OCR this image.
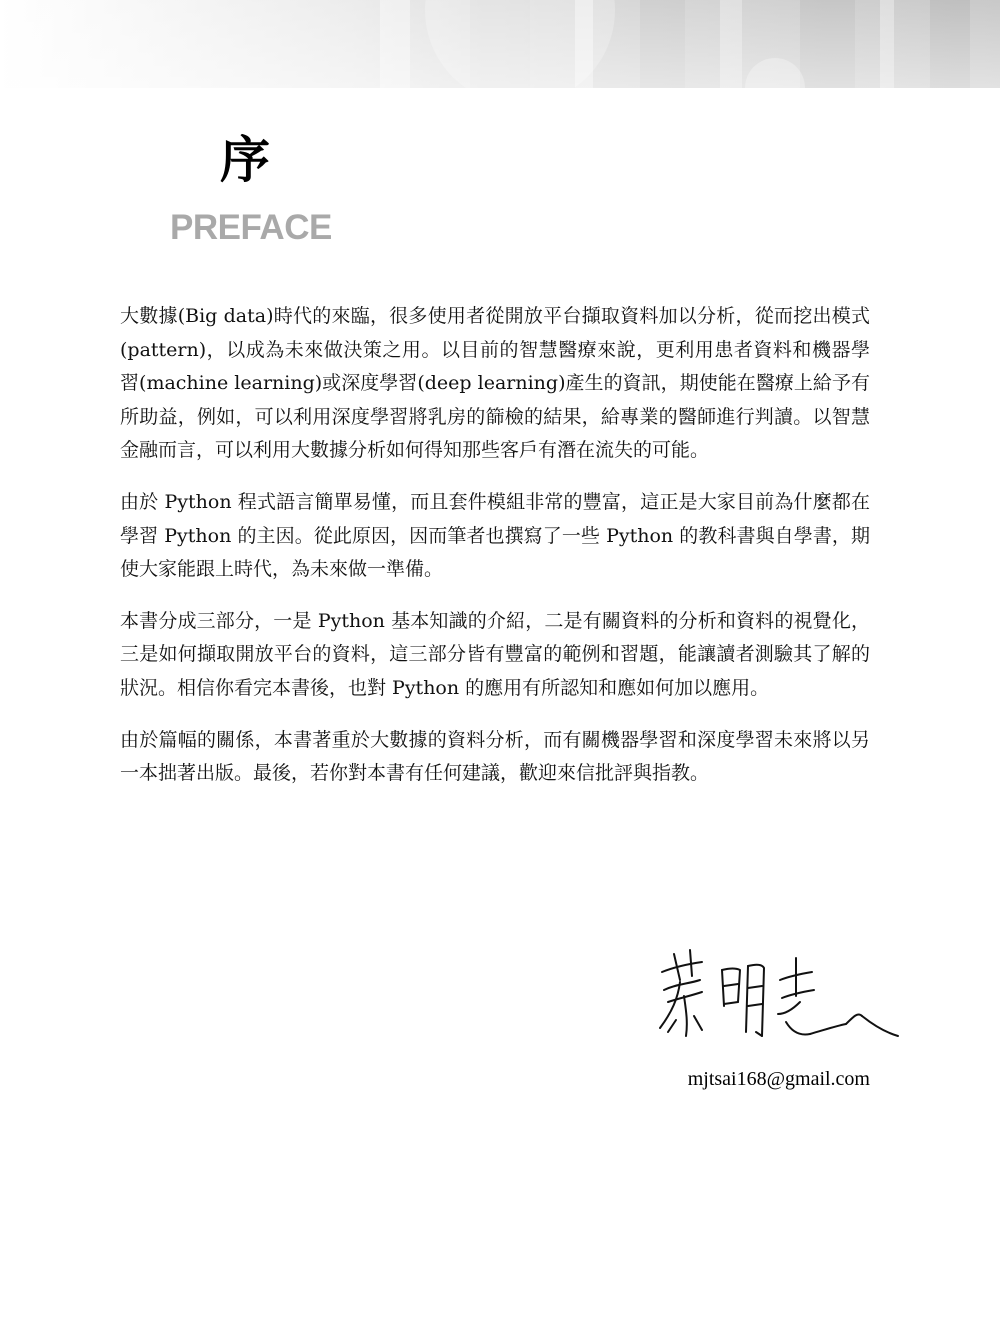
序
PREFACE

大數據(Big data)時代的來臨，很多使用者從開放平台擷取資料加以分析，從而挖出模式(pattern)，以成為未來做決策之用。以目前的智慧醫療來說，更利用患者資料和機器學習(machine learning)或深度學習(deep learning)產生的資訊，期使能在醫療上給予有所助益，例如，可以利用深度學習將乳房的篩檢的結果，給專業的醫師進行判讀。以智慧金融而言，可以利用大數據分析如何得知那些客戶有潛在流失的可能。

由於 Python 程式語言簡單易懂，而且套件模組非常的豐富，這正是大家目前為什麼都在學習 Python 的主因。從此原因，因而筆者也撰寫了一些 Python 的教科書與自學書，期使大家能跟上時代，為未來做一準備。

本書分成三部分，一是 Python 基本知識的介紹，二是有關資料的分析和資料的視覺化，三是如何擷取開放平台的資料，這三部分皆有豐富的範例和習題，能讓讀者測驗其了解的狀況。相信你看完本書後，也對 Python 的應用有所認知和應如何加以應用。

由於篇幅的關係，本書著重於大數據的資料分析，而有關機器學習和深度學習未來將以另一本拙著出版。最後，若你對本書有任何建議，歡迎來信批評與指教。

mjtsai168@gmail.com
